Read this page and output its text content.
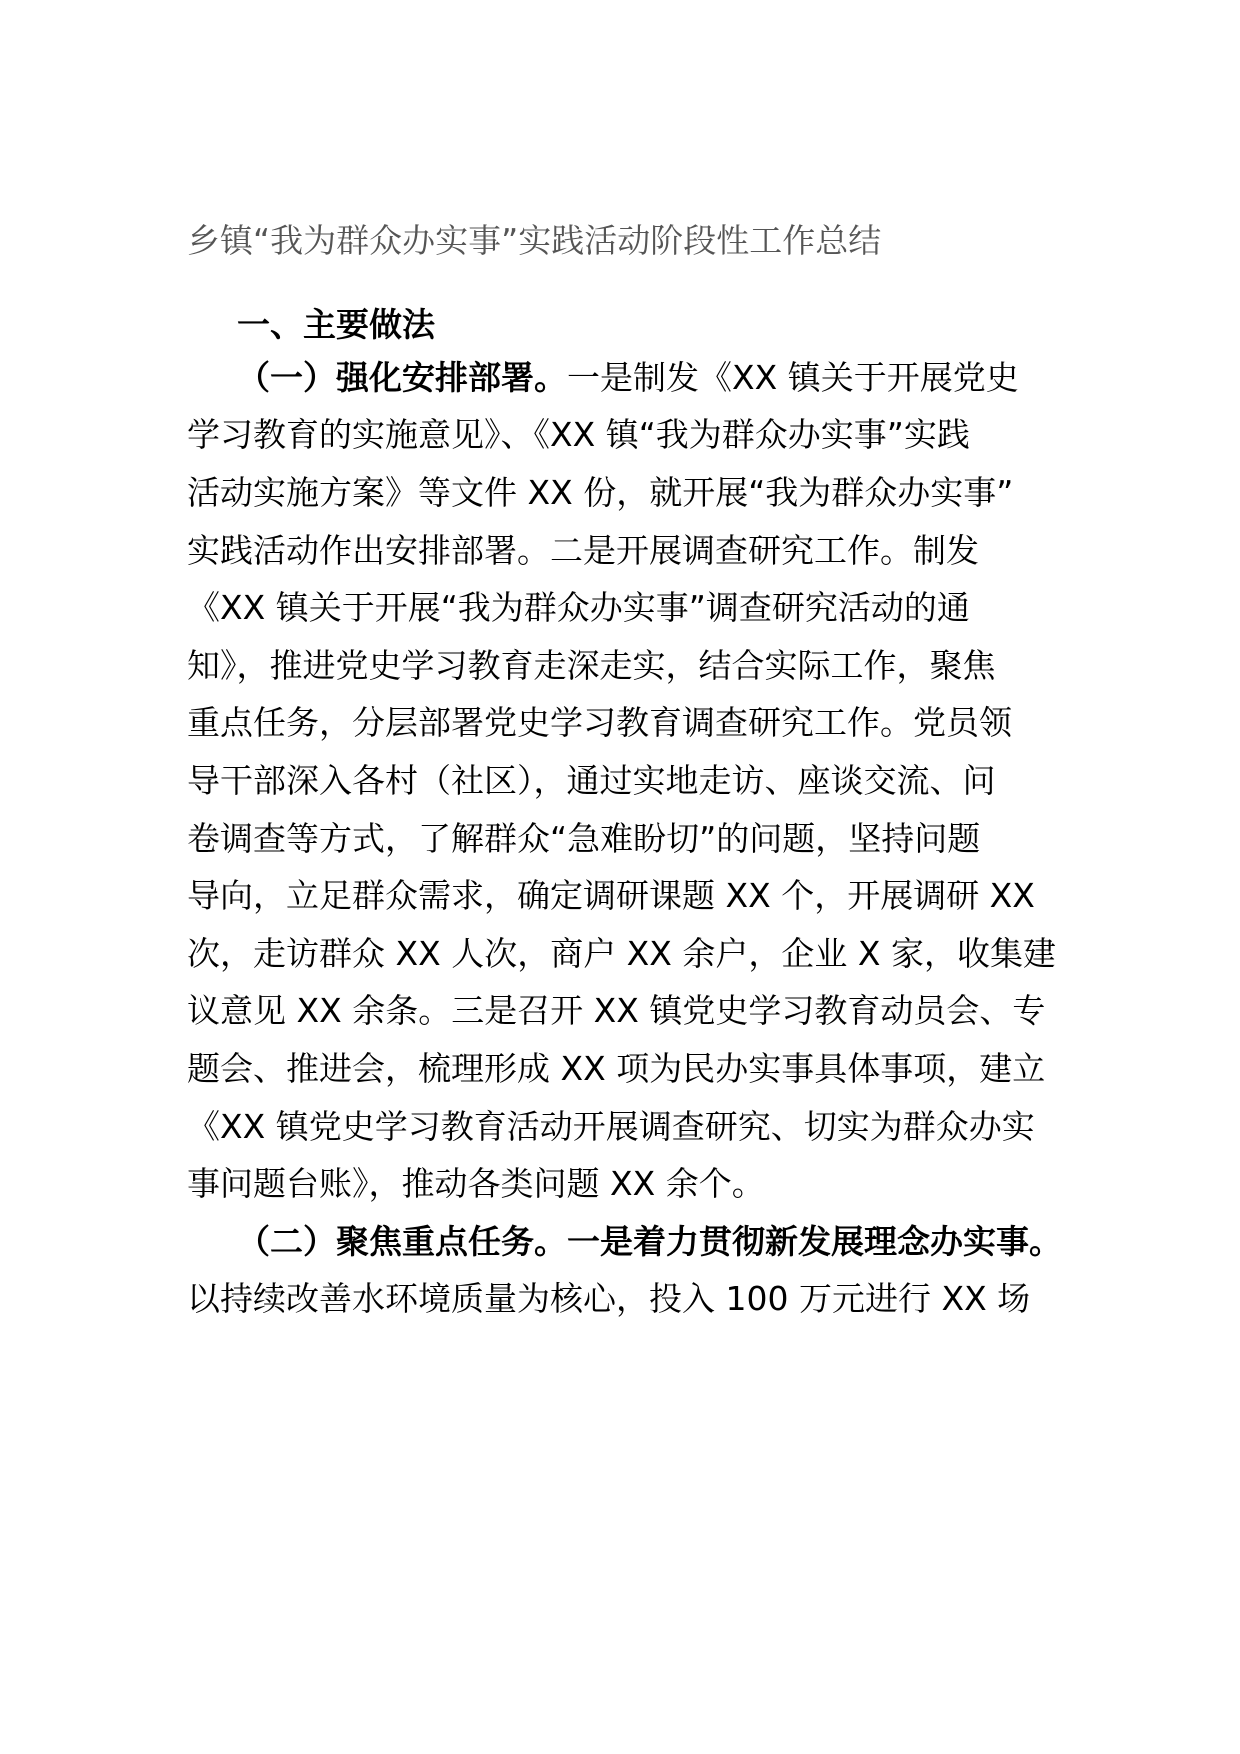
乡镇“我为群众办实事”实践活动阶段性工作总结
一、主要做法

（一）强化安排部署。一是制发《XX 镇关于开展党史

学习教育的实施意见》、《XX 镇“我为群众办实事”实践

活动实施方案》等文件 XX 份，就开展“我为群众办实事”

实践活动作出安排部署。二是开展调查研究工作。制发

《XX 镇关于开展“我为群众办实事”调查研究活动的通

知》，推进党史学习教育走深走实，结合实际工作，聚焦

重点任务，分层部署党史学习教育调查研究工作。党员领

导干部深入各村（社区），通过实地走访、座谈交流、问

卷调查等方式，了解群众“急难盼切”的问题，坚持问题

导向，立足群众需求，确定调研课题 XX 个，开展调研 XX

次，走访群众 XX 人次，商户 XX 余户，企业 X 家，收集建

议意见 XX 余条。三是召开 XX 镇党史学习教育动员会、专

题会、推进会，梳理形成 XX 项为民办实事具体事项，建立

《XX 镇党史学习教育活动开展调查研究、切实为群众办实

事问题台账》，推动各类问题 XX 余个。

（二）聚焦重点任务。一是着力贯彻新发展理念办实事。

以持续改善水环境质量为核心，投入 100 万元进行 XX 场
